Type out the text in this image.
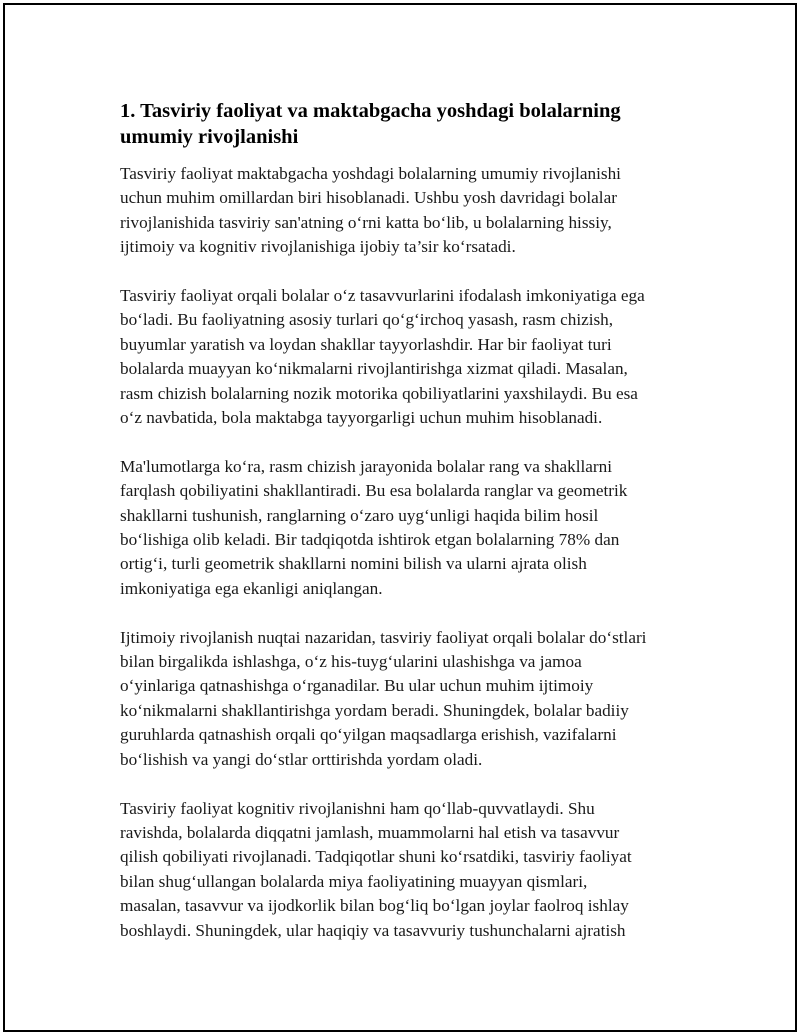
1. Tasviriy faoliyat va maktabgacha yoshdagi bolalarning
umumiy rivojlanishi

Tasviriy faoliyat maktabgacha yoshdagi bolalarning umumiy rivojlanishi
uchun muhim omillardan biri hisoblanadi. Ushbu yosh davridagi bolalar
rivojlanishida tasviriy san'atning o‘rni katta bo‘lib, u bolalarning hissiy,
ijtimoiy va kognitiv rivojlanishiga ijobiy ta’sir ko‘rsatadi.

Tasviriy faoliyat orqali bolalar o‘z tasavvurlarini ifodalash imkoniyatiga ega
bo‘ladi. Bu faoliyatning asosiy turlari qo‘g‘irchoq yasash, rasm chizish,
buyumlar yaratish va loydan shakllar tayyorlashdir. Har bir faoliyat turi
bolalarda muayyan ko‘nikmalarni rivojlantirishga xizmat qiladi. Masalan,
rasm chizish bolalarning nozik motorika qobiliyatlarini yaxshilaydi. Bu esa
o‘z navbatida, bola maktabga tayyorgarligi uchun muhim hisoblanadi.

Ma'lumotlarga ko‘ra, rasm chizish jarayonida bolalar rang va shakllarni
farqlash qobiliyatini shakllantiradi. Bu esa bolalarda ranglar va geometrik
shakllarni tushunish, ranglarning o‘zaro uyg‘unligi haqida bilim hosil
bo‘lishiga olib keladi. Bir tadqiqotda ishtirok etgan bolalarning 78% dan
ortig‘i, turli geometrik shakllarni nomini bilish va ularni ajrata olish
imkoniyatiga ega ekanligi aniqlangan.

Ijtimoiy rivojlanish nuqtai nazaridan, tasviriy faoliyat orqali bolalar do‘stlari
bilan birgalikda ishlashga, o‘z his-tuyg‘ularini ulashishga va jamoa
o‘yinlariga qatnashishga o‘rganadilar. Bu ular uchun muhim ijtimoiy
ko‘nikmalarni shakllantirishga yordam beradi. Shuningdek, bolalar badiiy
guruhlarda qatnashish orqali qo‘yilgan maqsadlarga erishish, vazifalarni
bo‘lishish va yangi do‘stlar orttirishda yordam oladi.

Tasviriy faoliyat kognitiv rivojlanishni ham qo‘llab-quvvatlaydi. Shu
ravishda, bolalarda diqqatni jamlash, muammolarni hal etish va tasavvur
qilish qobiliyati rivojlanadi. Tadqiqotlar shuni ko‘rsatdiki, tasviriy faoliyat
bilan shug‘ullangan bolalarda miya faoliyatining muayyan qismlari,
masalan, tasavvur va ijodkorlik bilan bog‘liq bo‘lgan joylar faolroq ishlay
boshlaydi. Shuningdek, ular haqiqiy va tasavvuriy tushunchalarni ajratish
